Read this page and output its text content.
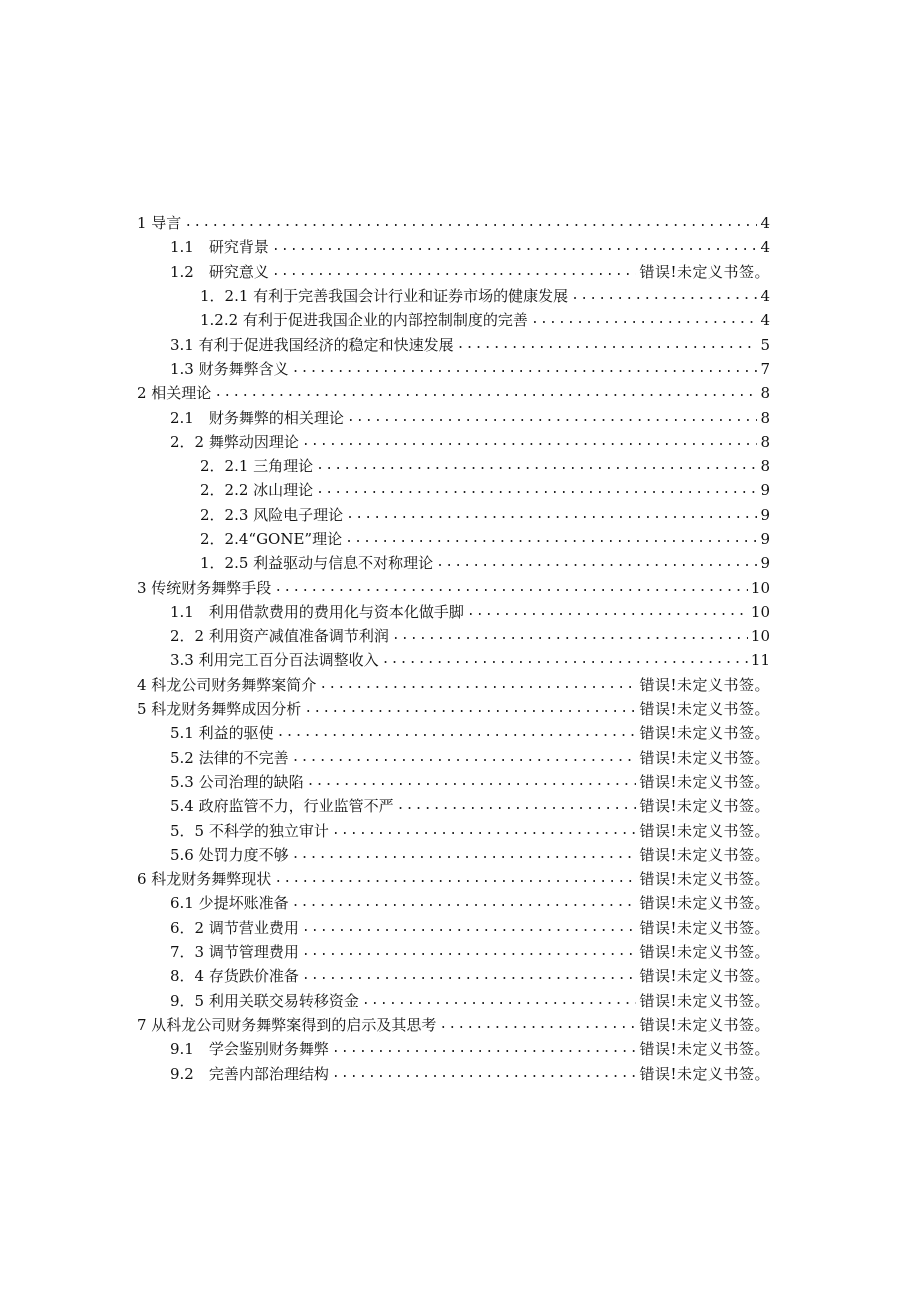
1 导言 .....	4
1.1　研究背景 .....	4
1.2　研究意义 .....	错误!未定义书签。
1．2.1 有利于完善我国会计行业和证券市场的健康发展 .....	4
1.2.2 有利于促进我国企业的内部控制制度的完善 .....	4
3.1 有利于促进我国经济的稳定和快速发展 .....	5
1.3 财务舞弊含义 .....	7
2 相关理论 .....	8
2.1　财务舞弊的相关理论 .....	8
2．2 舞弊动因理论 .....	8
2．2.1 三角理论 .....	8
2．2.2 冰山理论 .....	9
2．2.3 风险电子理论 .....	9
2．2.4“GONE”理论 .....	9
1．2.5 利益驱动与信息不对称理论 .....	9
3 传统财务舞弊手段 .....	10
1.1　利用借款费用的费用化与资本化做手脚 .....	10
2．2 利用资产减值准备调节利润 .....	10
3.3 利用完工百分百法调整收入 .....	11
4 科龙公司财务舞弊案简介 .....	错误!未定义书签。
5 科龙财务舞弊成因分析 .....	错误!未定义书签。
5.1 利益的驱使 .....	错误!未定义书签。
5.2 法律的不完善 .....	错误!未定义书签。
5.3 公司治理的缺陷 .....	错误!未定义书签。
5.4 政府监管不力，行业监管不严 .....	错误!未定义书签。
5．5 不科学的独立审计 .....	错误!未定义书签。
5.6 处罚力度不够 .....	错误!未定义书签。
6 科龙财务舞弊现状 .....	错误!未定义书签。
6.1 少提坏账准备 .....	错误!未定义书签。
6．2 调节营业费用 .....	错误!未定义书签。
7．3 调节管理费用 .....	错误!未定义书签。
8．4 存货跌价准备 .....	错误!未定义书签。
9．5 利用关联交易转移资金 .....	错误!未定义书签。
7 从科龙公司财务舞弊案得到的启示及其思考 .....	错误!未定义书签。
9.1　学会鉴别财务舞弊 .....	错误!未定义书签。
9.2　完善内部治理结构 .....	错误!未定义书签。
